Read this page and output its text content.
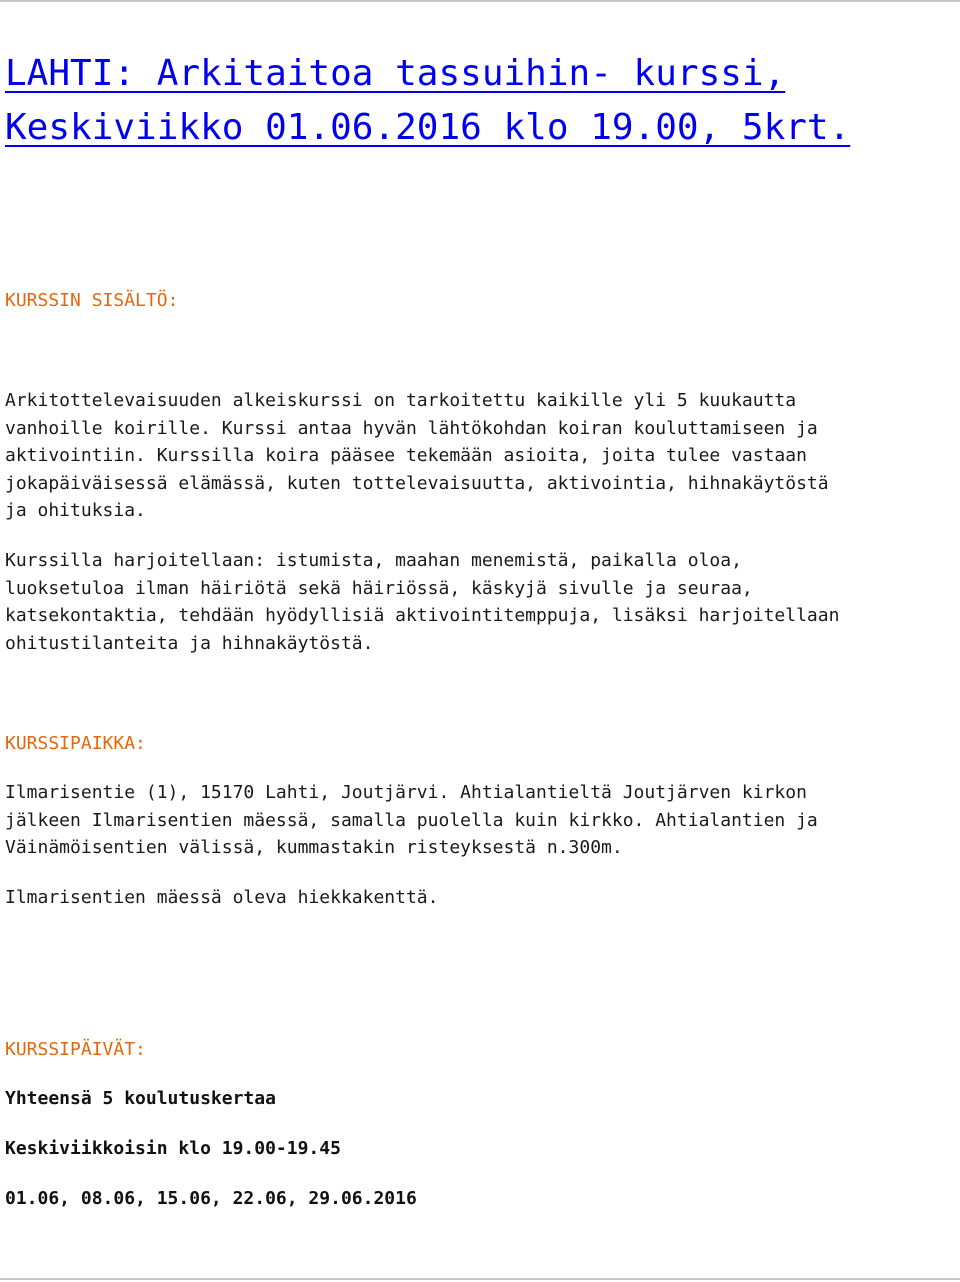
LAHTI: Arkitaitoa tassuihin- kurssi, Keskiviikko 01.06.2016 klo 19.00, 5krt.
KURSSIN SISÄLTÖ:

Arkitottelevaisuuden alkeiskurssi on tarkoitettu kaikille yli 5 kuukautta
vanhoille koirille. Kurssi antaa hyvän lähtökohdan koiran kouluttamiseen ja
aktivointiin. Kurssilla koira pääsee tekemään asioita, joita tulee vastaan
jokapäiväisessä elämässä, kuten tottelevaisuutta, aktivointia, hihnakäytöstä
ja ohituksia.

Kurssilla harjoitellaan: istumista, maahan menemistä, paikalla oloa,
luoksetuloa ilman häiriötä sekä häiriössä, käskyjä sivulle ja seuraa,
katsekontaktia, tehdään hyödyllisiä aktivointitemppuja, lisäksi harjoitellaan
ohitustilanteita ja hihnakäytöstä.

KURSSIPAIKKA:

Ilmarisentie (1), 15170 Lahti, Joutjärvi. Ahtialantieltä Joutjärven kirkon
jälkeen Ilmarisentien mäessä, samalla puolella kuin kirkko. Ahtialantien ja
Väinämöisentien välissä, kummastakin risteyksestä n.300m.

Ilmarisentien mäessä oleva hiekkakenttä.

KURSSIPÄIVÄT:

Yhteensä 5 koulutuskertaa

Keskiviikkoisin klo 19.00-19.45

01.06, 08.06, 15.06, 22.06, 29.06.2016
